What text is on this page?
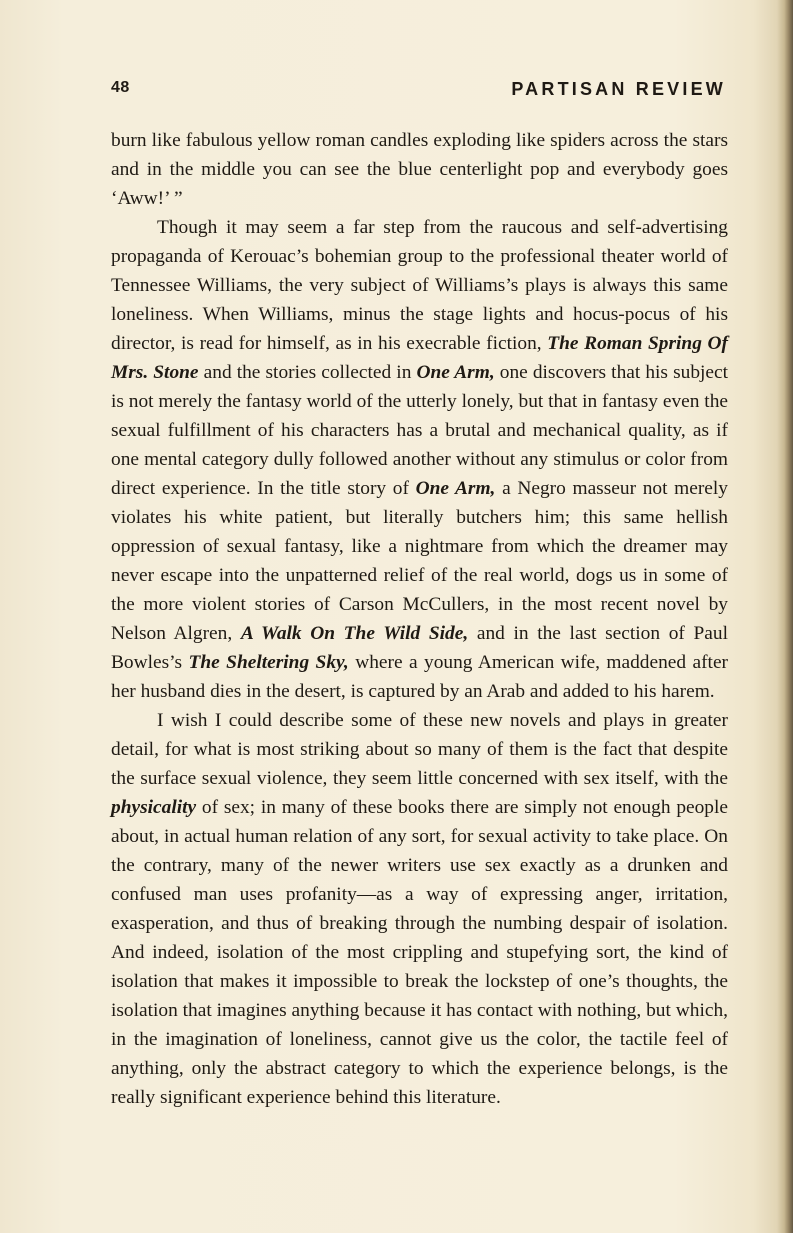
48	PARTISAN REVIEW

burn like fabulous yellow roman candles exploding like spiders across the stars and in the middle you can see the blue centerlight pop and everybody goes ‘Aww!’ ”

Though it may seem a far step from the raucous and self-advertising propaganda of Kerouac’s bohemian group to the professional theater world of Tennessee Williams, the very subject of Williams’s plays is always this same loneliness. When Williams, minus the stage lights and hocus-pocus of his director, is read for himself, as in his execrable fiction, The Roman Spring Of Mrs. Stone and the stories collected in One Arm, one discovers that his subject is not merely the fantasy world of the utterly lonely, but that in fantasy even the sexual fulfillment of his characters has a brutal and mechanical quality, as if one mental category dully followed another without any stimulus or color from direct experience. In the title story of One Arm, a Negro masseur not merely violates his white patient, but literally butchers him; this same hellish oppression of sexual fantasy, like a nightmare from which the dreamer may never escape into the unpatterned relief of the real world, dogs us in some of the more violent stories of Carson McCullers, in the most recent novel by Nelson Algren, A Walk On The Wild Side, and in the last section of Paul Bowles’s The Sheltering Sky, where a young American wife, maddened after her husband dies in the desert, is captured by an Arab and added to his harem.

I wish I could describe some of these new novels and plays in greater detail, for what is most striking about so many of them is the fact that despite the surface sexual violence, they seem little concerned with sex itself, with the physicality of sex; in many of these books there are simply not enough people about, in actual human relation of any sort, for sexual activity to take place. On the contrary, many of the newer writers use sex exactly as a drunken and confused man uses profanity—as a way of expressing anger, irritation, exasperation, and thus of breaking through the numbing despair of isolation. And indeed, isolation of the most crippling and stupefying sort, the kind of isolation that makes it impossible to break the lockstep of one’s thoughts, the isolation that imagines anything because it has contact with nothing, but which, in the imagination of loneliness, cannot give us the color, the tactile feel of anything, only the abstract category to which the experience belongs, is the really significant experience behind this literature.
